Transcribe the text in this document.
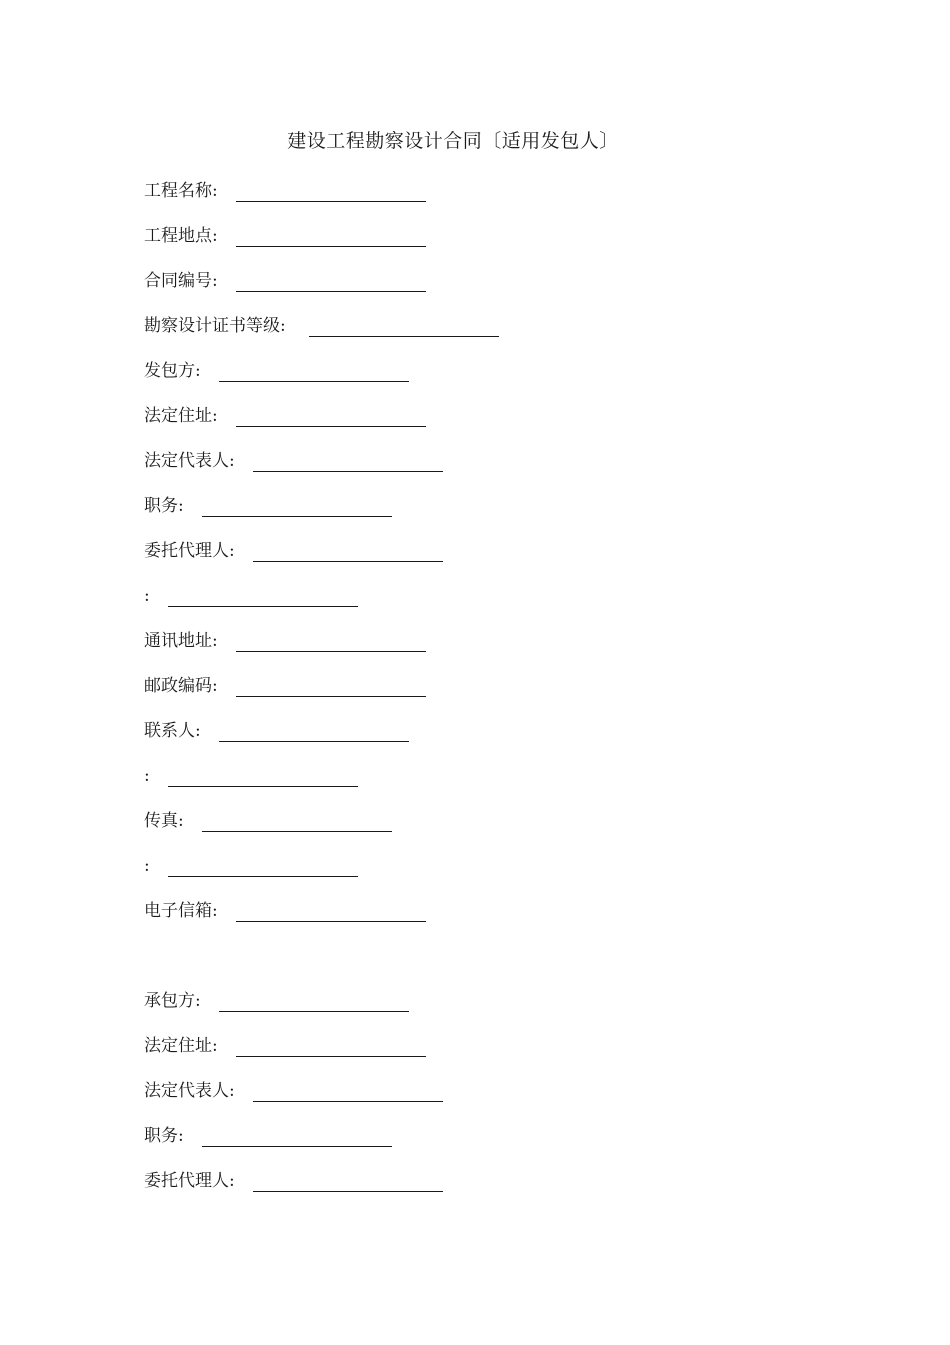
建设工程勘察设计合同〔适用发包人〕
工程名称:
工程地点:
合同编号:
勘察设计证书等级:
发包方:
法定住址:
法定代表人:
职务:
委托代理人:
:
通讯地址:
邮政编码:
联系人:
:
传真:
:
电子信箱:
承包方:
法定住址:
法定代表人:
职务:
委托代理人:
